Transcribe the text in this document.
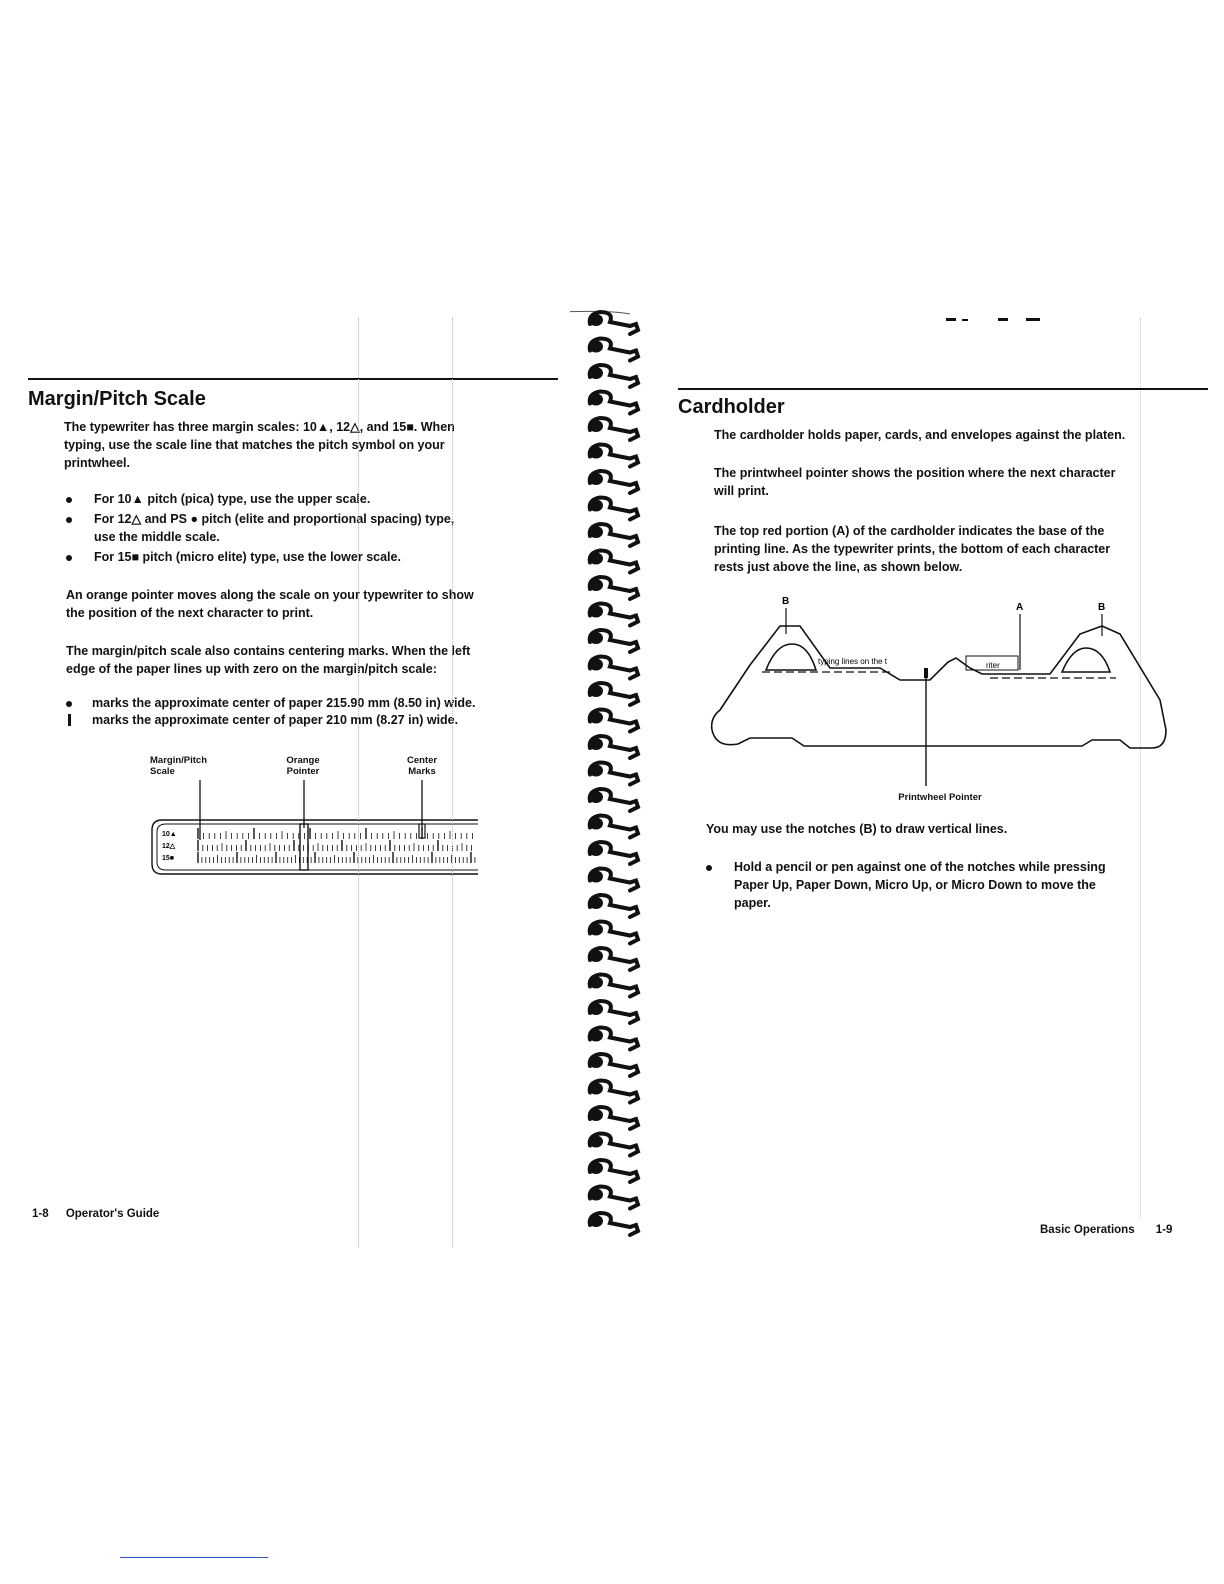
Margin/Pitch Scale
The typewriter has three margin scales: 10▲, 12△, and 15■. When
typing, use the scale line that matches the pitch symbol on your
printwheel.
For 10▲ pitch (pica) type, use the upper scale.
For 12△ and PS ● pitch (elite and proportional spacing) type,
use the middle scale.
For 15■ pitch (micro elite) type, use the lower scale.
An orange pointer moves along the scale on your typewriter to show
the position of the next character to print.
The margin/pitch scale also contains centering marks. When the left
edge of the paper lines up with zero on the margin/pitch scale:
marks the approximate center of paper 215.90 mm (8.50 in) wide.
marks the approximate center of paper 210 mm (8.27 in) wide.
Margin/Pitch
Scale
Orange
Pointer
Center
Marks
10▲
12△
15■
1-8 Operator's Guide
Cardholder
The cardholder holds paper, cards, and envelopes against the platen.
The printwheel pointer shows the position where the next character
will print.
The top red portion (A) of the cardholder indicates the base of the
printing line. As the typewriter prints, the bottom of each character
rests just above the line, as shown below.
B
A	B
typing lines on the t	riter
Printwheel Pointer
You may use the notches (B) to draw vertical lines.
Hold a pencil or pen against one of the notches while pressing
Paper Up, Paper Down, Micro Up, or Micro Down to move the
paper.
Basic Operations 1-9
